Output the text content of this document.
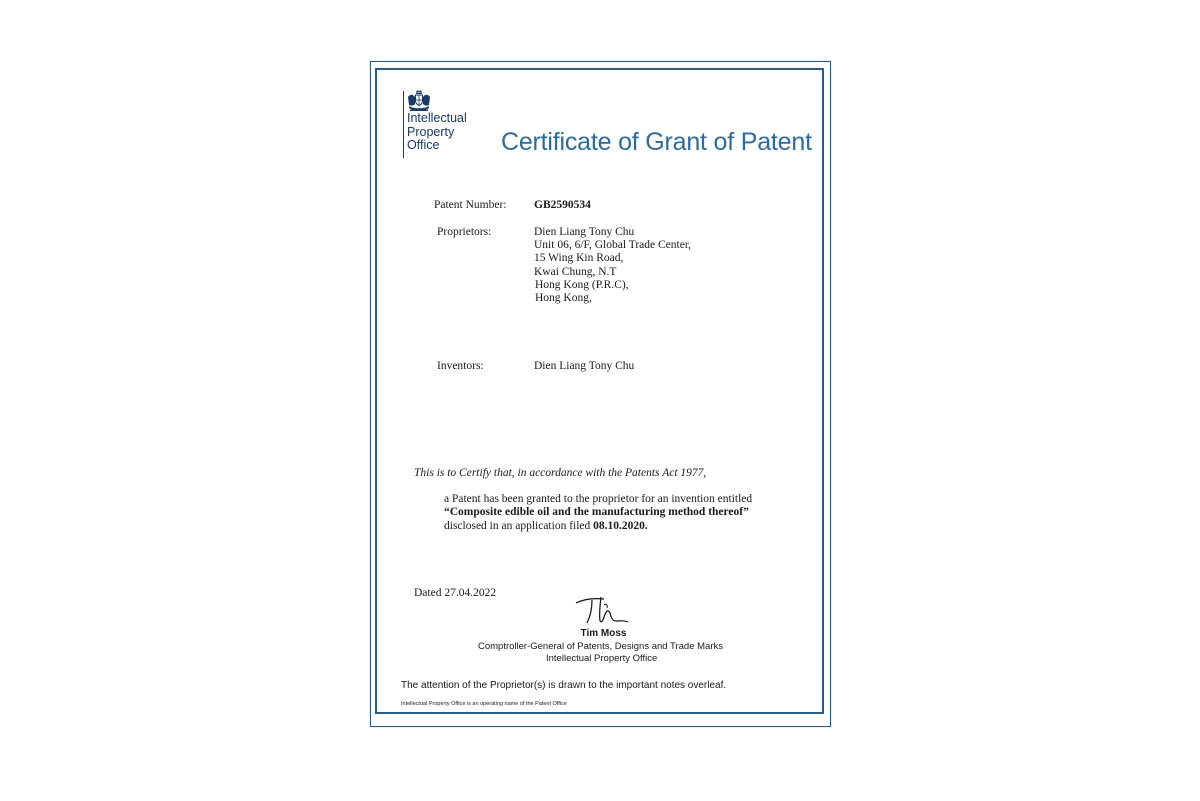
Intellectual
Property
Office	Certificate of Grant of Patent
Patent Number: GB2590534
Proprietors:	Dien Liang Tony Chu
Unit 06, 6/F, Global Trade Center,
15 Wing Kin Road,
Kwai Chung, N.T
Hong Kong (P.R.C),
Hong Kong,
Inventors:	Dien Liang Tony Chu
This is to Certify that, in accordance with the Patents Act 1977,
a Patent has been granted to the proprietor for an invention entitled
“Composite edible oil and the manufacturing method thereof”
disclosed in an application filed 08.10.2020.
Dated 27.04.2022
Tim Moss
Comptroller-General of Patents, Designs and Trade Marks
Intellectual Property Office
The attention of the Proprietor(s) is drawn to the important notes overleaf.
Intellectual Property Office is an operating name of the Patent Office
